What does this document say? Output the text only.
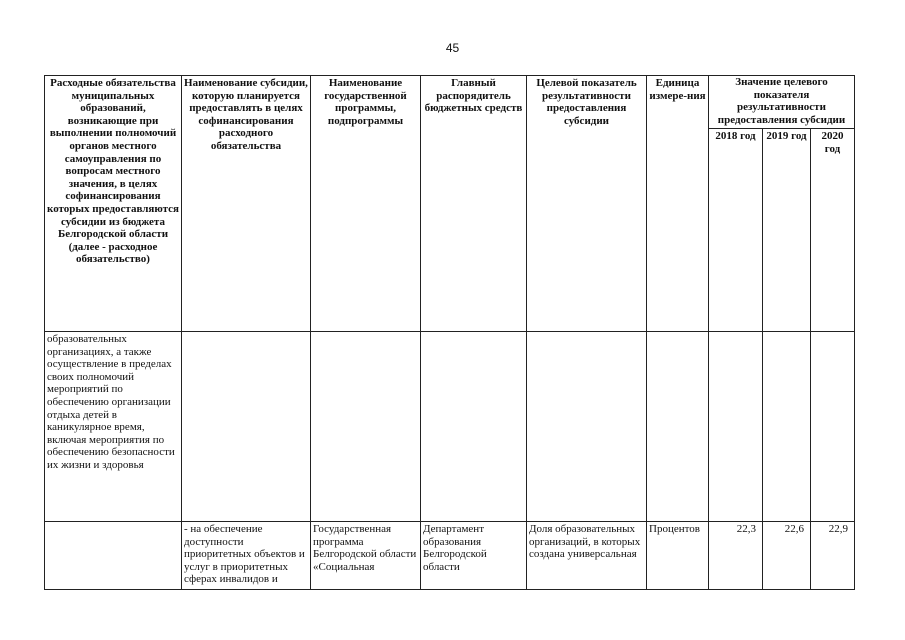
45
Расходные обязательства муниципальных образований, возникающие при выполнении полномочий органов местного самоуправления по вопросам местного значения, в целях софинансирования которых предоставляются субсидии из бюджета Белгородской области (далее - расходное обязательство)	Наименование субсидии, которую планируется предоставлять в целях софинансирования расходного обязательства	Наименование государственной программы, подпрограммы	Главный распорядитель бюджетных средств	Целевой показатель результативности предоставления субсидии	Единица измере-ния	Значение целевого показателя результативности предоставления субсидии		
						2018 год	2019 год	2020 год
образовательных организациях, а также осуществление в пределах своих полномочий мероприятий по обеспечению организации отдыха детей в каникулярное время, включая мероприятия по обеспечению безопасности их жизни и здоровья								
	- на обеспечение доступности приоритетных объектов и услуг в приоритетных сферах инвалидов и	Государственная программа Белгородской области «Социальная	Департамент образования Белгородской области	Доля образовательных организаций, в которых создана универсальная	Процентов	22,3	22,6	22,9
